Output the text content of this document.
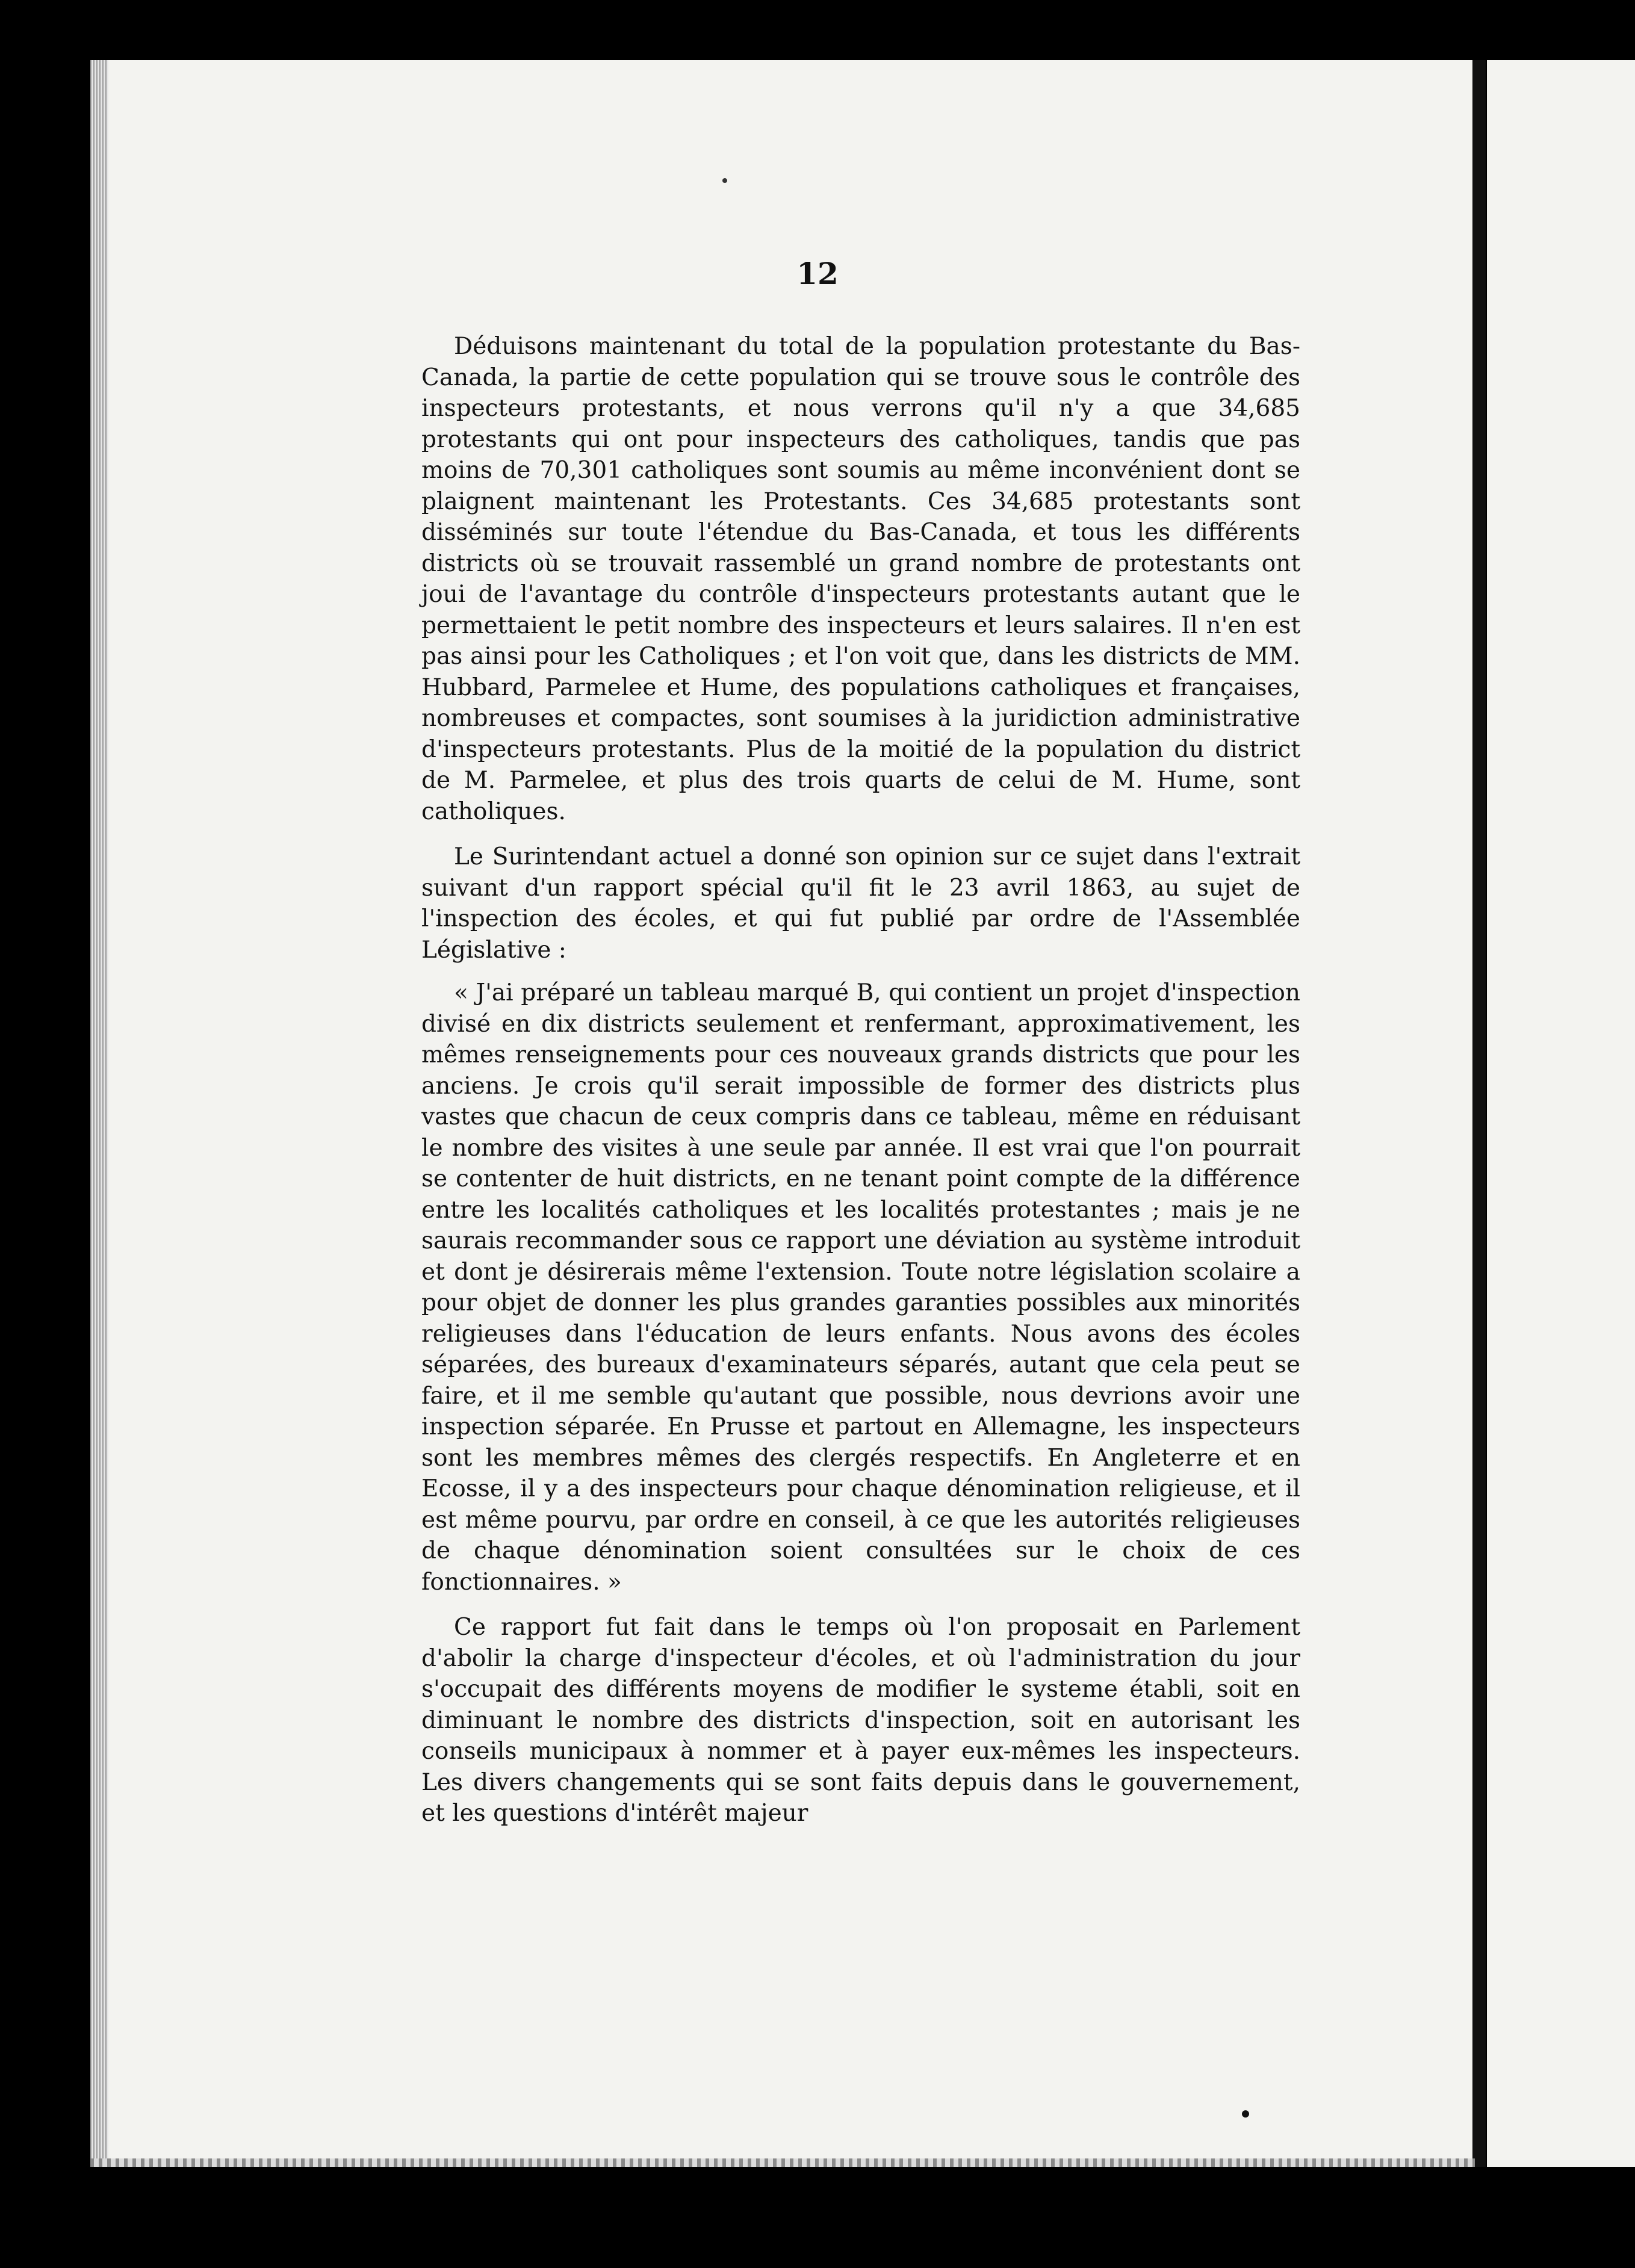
12

Déduisons maintenant du total de la population protestante du Bas-Canada, la partie de cette population qui se trouve sous le contrôle des inspecteurs protestants, et nous verrons qu'il n'y a que 34,685 protestants qui ont pour inspecteurs des catholiques, tandis que pas moins de 70,301 catholiques sont soumis au même inconvénient dont se plaignent maintenant les Protestants. Ces 34,685 protestants sont disséminés sur toute l'étendue du Bas-Canada, et tous les différents districts où se trouvait rassemblé un grand nombre de protestants ont joui de l'avantage du contrôle d'inspecteurs protestants autant que le permettaient le petit nombre des inspecteurs et leurs salaires. Il n'en est pas ainsi pour les Catholiques ; et l'on voit que, dans les districts de MM. Hubbard, Parmelee et Hume, des populations catholiques et françaises, nombreuses et compactes, sont soumises à la juridiction administrative d'inspecteurs protestants. Plus de la moitié de la population du district de M. Parmelee, et plus des trois quarts de celui de M. Hume, sont catholiques.

Le Surintendant actuel a donné son opinion sur ce sujet dans l'extrait suivant d'un rapport spécial qu'il fit le 23 avril 1863, au sujet de l'inspection des écoles, et qui fut publié par ordre de l'Assemblée Législative :

« J'ai préparé un tableau marqué B, qui contient un projet d'inspection divisé en dix districts seulement et renfermant, approximativement, les mêmes renseignements pour ces nouveaux grands districts que pour les anciens. Je crois qu'il serait impossible de former des districts plus vastes que chacun de ceux compris dans ce tableau, même en réduisant le nombre des visites à une seule par année. Il est vrai que l'on pourrait se contenter de huit districts, en ne tenant point compte de la différence entre les localités catholiques et les localités protestantes ; mais je ne saurais recommander sous ce rapport une déviation au système introduit et dont je désirerais même l'extension. Toute notre législation scolaire a pour objet de donner les plus grandes garanties possibles aux minorités religieuses dans l'éducation de leurs enfants. Nous avons des écoles séparées, des bureaux d'examinateurs séparés, autant que cela peut se faire, et il me semble qu'autant que possible, nous devrions avoir une inspection séparée. En Prusse et partout en Allemagne, les inspecteurs sont les membres mêmes des clergés respectifs. En Angleterre et en Ecosse, il y a des inspecteurs pour chaque dénomination religieuse, et il est même pourvu, par ordre en conseil, à ce que les autorités religieuses de chaque dénomination soient consultées sur le choix de ces fonctionnaires. »

Ce rapport fut fait dans le temps où l'on proposait en Parlement d'abolir la charge d'inspecteur d'écoles, et où l'administration du jour s'occupait des différents moyens de modifier le systeme établi, soit en diminuant le nombre des districts d'inspection, soit en autorisant les conseils municipaux à nommer et à payer eux-mêmes les inspecteurs. Les divers changements qui se sont faits depuis dans le gouvernement, et les questions d'intérêt majeur
